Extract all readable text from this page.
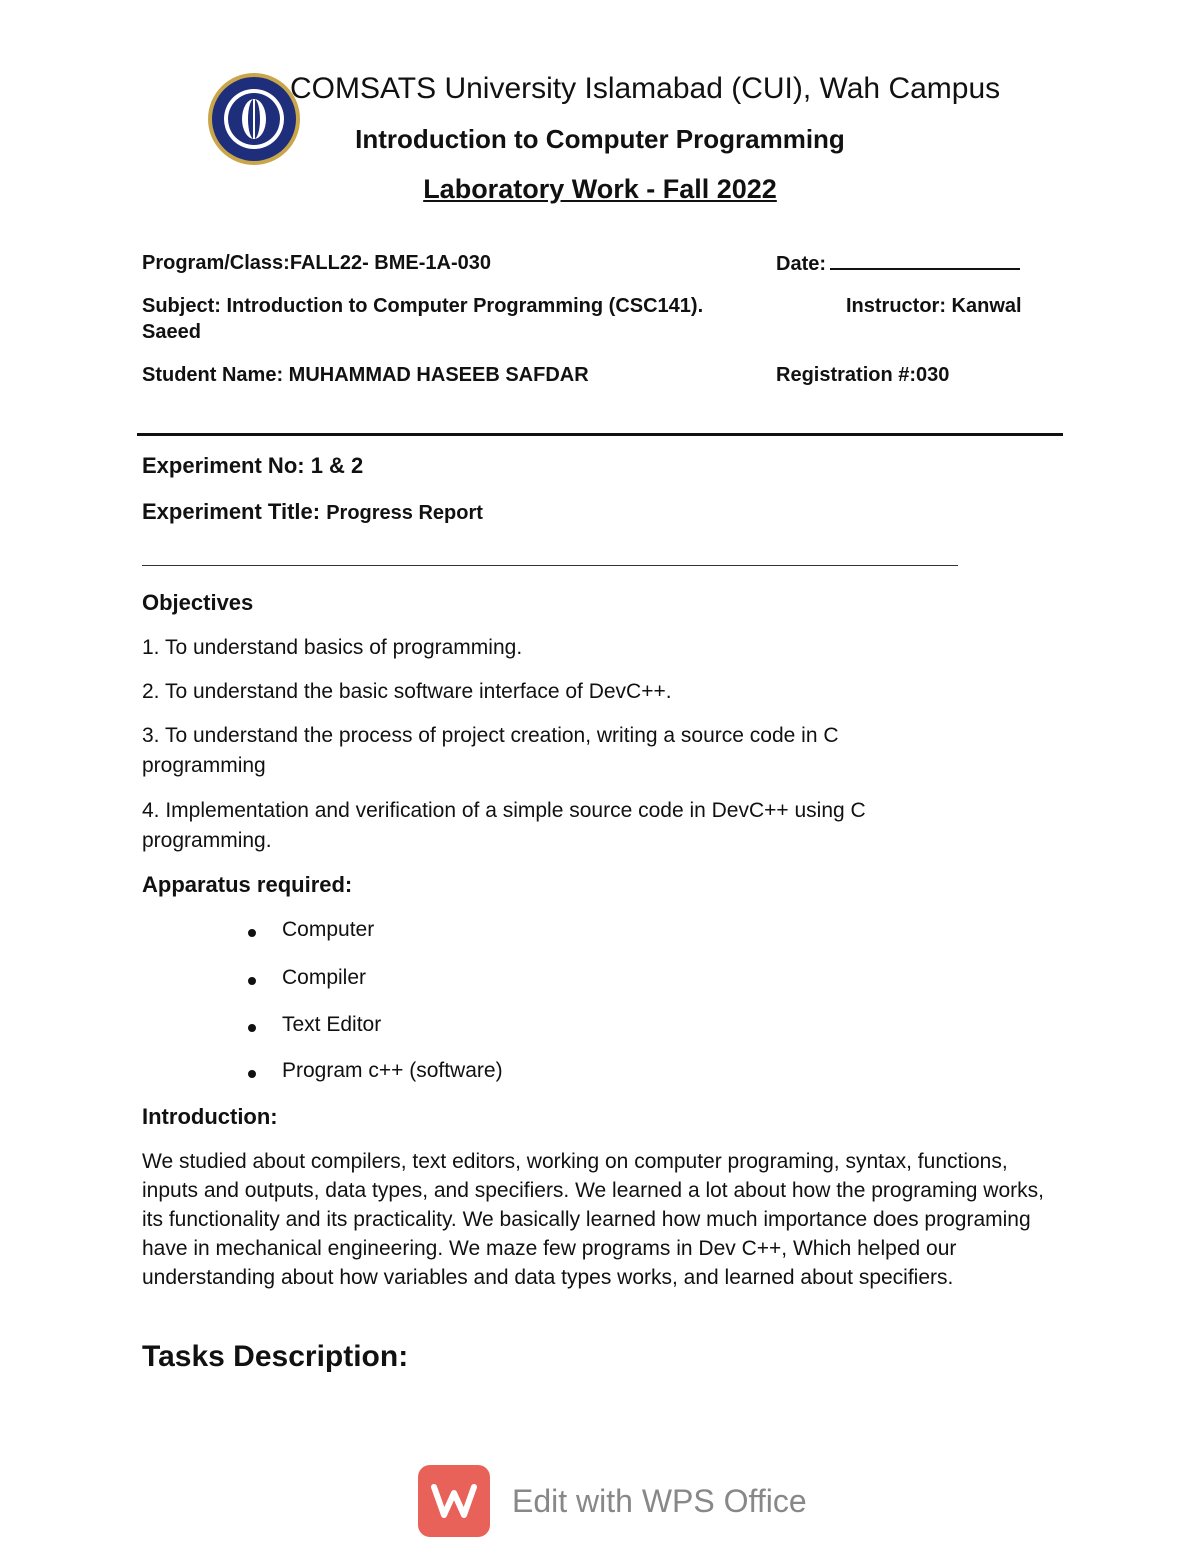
COMSATS University Islamabad (CUI), Wah Campus
Introduction to Computer Programming
Laboratory Work - Fall 2022
Program/Class:FALL22- BME-1A-030	Date:
Subject: Introduction to Computer Programming (CSC141).	Instructor: Kanwal
Saeed
Student Name: MUHAMMAD HASEEB SAFDAR	Registration #:030
Experiment No: 1 & 2
Experiment Title: Progress Report
Objectives
1. To understand basics of programming.
2. To understand the basic software interface of DevC++.
3. To understand the process of project creation, writing a source code in C programming
4. Implementation and verification of a simple source code in DevC++ using C programming.
Apparatus required:
Computer
Compiler
Text Editor
Program c++ (software)
Introduction:
We studied about compilers, text editors, working on computer programing, syntax, functions, inputs and outputs, data types, and specifiers. We learned a lot about how the programing works, its functionality and its practicality. We basically learned how much importance does programing have in mechanical engineering. We maze few programs in Dev C++, Which helped our understanding about how variables and data types works, and learned about specifiers.
Tasks Description:
Edit with WPS Office
